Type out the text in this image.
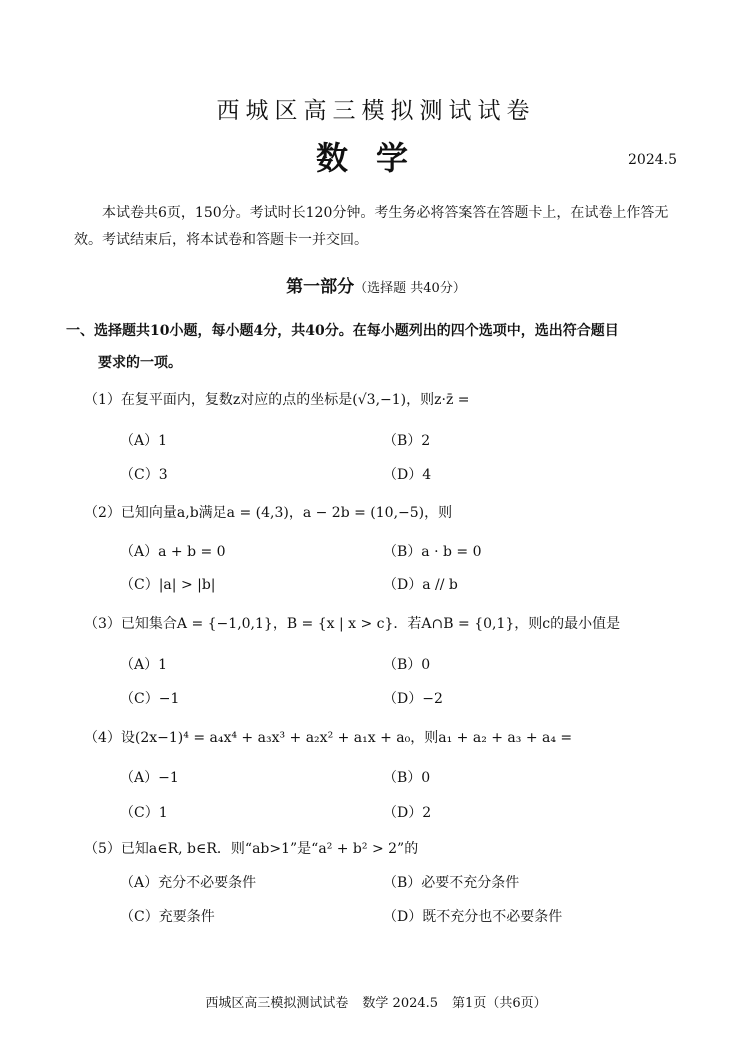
西城区高三模拟测试试卷
数学	2024.5
本试卷共6页，150分。考试时长120分钟。考生务必将答案答在答题卡上，在试卷上作答无效。考试结束后，将本试卷和答题卡一并交回。
第一部分（选择题 共40分）
一、选择题共10小题，每小题4分，共40分。在每小题列出的四个选项中，选出符合题目
要求的一项。
（1）在复平面内，复数z对应的点的坐标是(√3,−1)，则z·z̄ =
（A）1	（B）2
（C）3	（D）4
（2）已知向量a,b满足a = (4,3)，a − 2b = (10,−5)，则
（A）a + b = 0	（B）a · b = 0
（C）|a| > |b|	（D）a // b
（3）已知集合A = {−1,0,1}，B = {x | x > c}．若A∩B = {0,1}，则c的最小值是
（A）1	（B）0
（C）−1	（D）−2
（4）设(2x−1)⁴ = a₄x⁴ + a₃x³ + a₂x² + a₁x + a₀，则a₁ + a₂ + a₃ + a₄ =
（A）−1	（B）0
（C）1	（D）2
（5）已知a∈R, b∈R．则“ab>1”是“a² + b² > 2”的
（A）充分不必要条件	（B）必要不充分条件
（C）充要条件	（D）既不充分也不必要条件
西城区高三模拟测试试卷 数学 2024.5 第1页（共6页）
